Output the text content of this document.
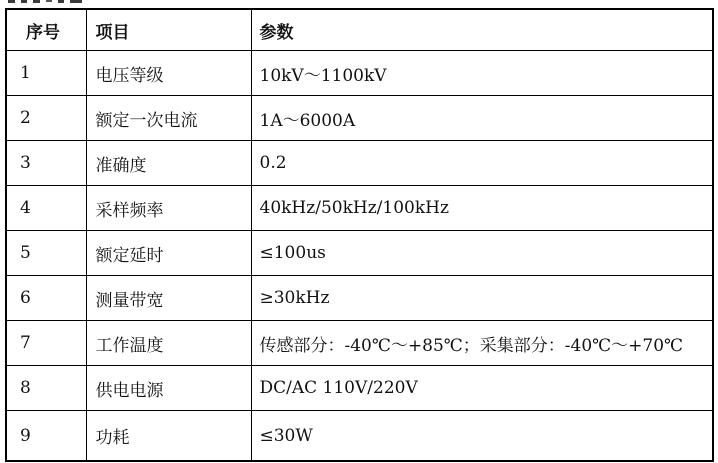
序号	项目	参数
1	电压等级	10kV～1100kV
2	额定一次电流	1A～6000A
3	准确度	0.2
4	采样频率	40kHz/50kHz/100kHz
5	额定延时	≤100us
6	测量带宽	≥30kHz
7	工作温度	传感部分：-40℃～+85℃；采集部分：-40℃～+70℃
8	供电电源	DC/AC 110V/220V
9	功耗	≤30W
